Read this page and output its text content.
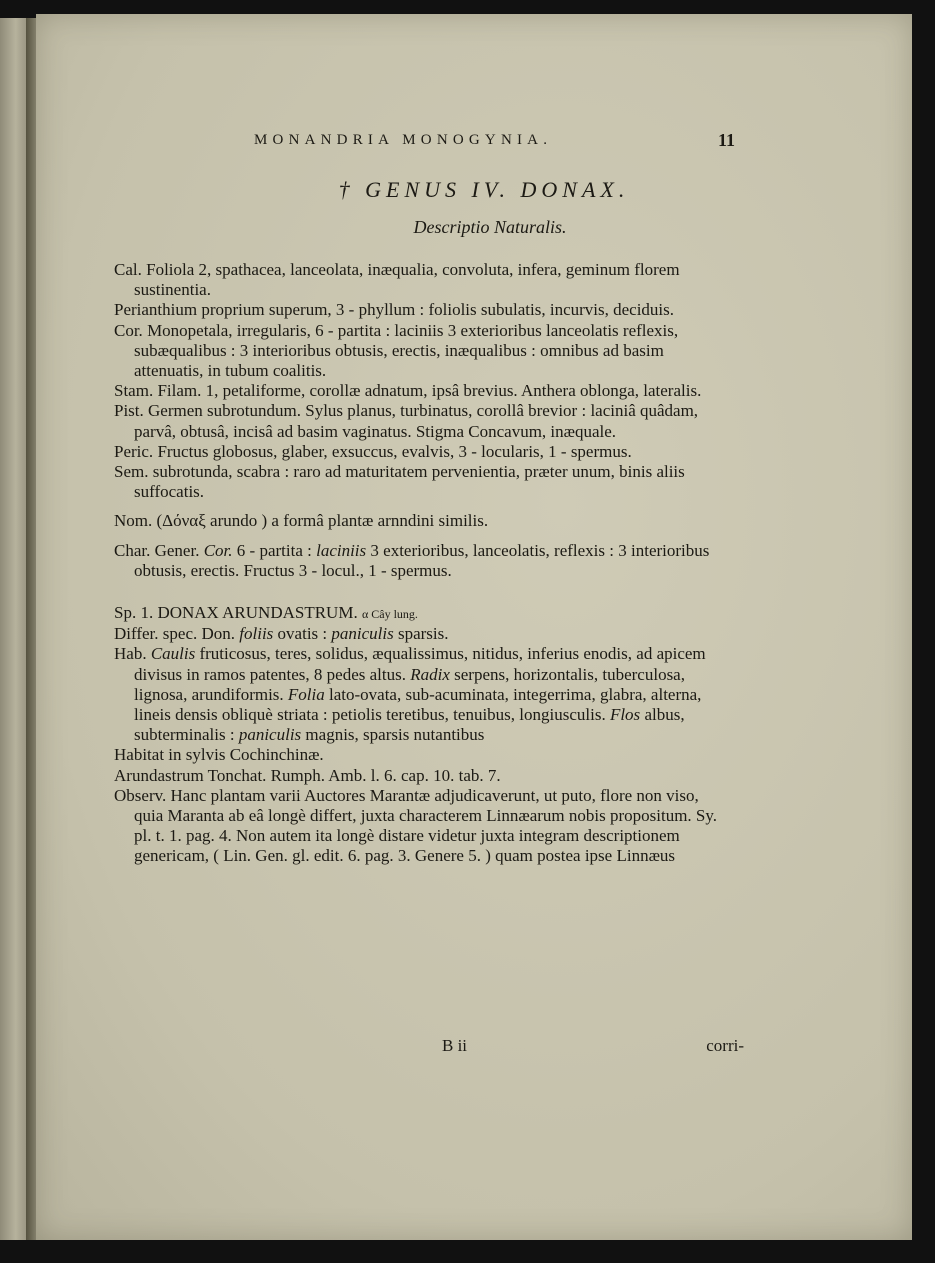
MONANDRIA MONOGYNIA.	11
† GENUS IV. DONAX.
Descriptio Naturalis.

Cal. Foliola 2, spathacea, lanceolata, inæqualia, convoluta, infera, geminum florem sustinentia.

Perianthium proprium superum, 3 - phyllum : foliolis subulatis, incurvis, deciduis.

Cor. Monopetala, irregularis, 6 - partita : laciniis 3 exterioribus lanceolatis reflexis, subæqualibus : 3 interioribus obtusis, erectis, inæqualibus : omnibus ad basim attenuatis, in tubum coalitis.

Stam. Filam. 1, petaliforme, corollæ adnatum, ipsâ brevius. Anthera oblonga, lateralis.

Pist. Germen subrotundum. Sylus planus, turbinatus, corollâ brevior : laciniâ quâdam, parvâ, obtusâ, incisâ ad basim vaginatus. Stigma Concavum, inæquale.

Peric. Fructus globosus, glaber, exsuccus, evalvis, 3 - locularis, 1 - spermus.

Sem. subrotunda, scabra : raro ad maturitatem pervenientia, præter unum, binis aliis suffocatis.

Nom. (Δόναξ arundo ) a formâ plantæ arnndini similis.

Char. Gener. Cor. 6 - partita : laciniis 3 exterioribus, lanceolatis, reflexis : 3 interioribus obtusis, erectis. Fructus 3 - locul., 1 - spermus.

Sp. 1. DONAX ARUNDASTRUM. α Cây lung.

Differ. spec. Don. foliis ovatis : paniculis sparsis.

Hab. Caulis fruticosus, teres, solidus, æqualissimus, nitidus, inferius enodis, ad apicem divisus in ramos patentes, 8 pedes altus. Radix serpens, horizontalis, tuberculosa, lignosa, arundiformis. Folia lato-ovata, sub-acuminata, integerrima, glabra, alterna, lineis densis obliquè striata : petiolis teretibus, tenuibus, longiusculis. Flos albus, subterminalis : paniculis magnis, sparsis nutantibus

Habitat in sylvis Cochinchinæ.

Arundastrum Tonchat. Rumph. Amb. l. 6. cap. 10. tab. 7.

Observ. Hanc plantam varii Auctores Marantæ adjudicaverunt, ut puto, flore non viso, quia Maranta ab eâ longè differt, juxta characterem Linnæarum nobis propositum. Sy. pl. t. 1. pag. 4. Non autem ita longè distare videtur juxta integram descriptionem genericam, ( Lin. Gen. gl. edit. 6. pag. 3. Genere 5. ) quam postea ipse Linnæus

B ii	corri-
